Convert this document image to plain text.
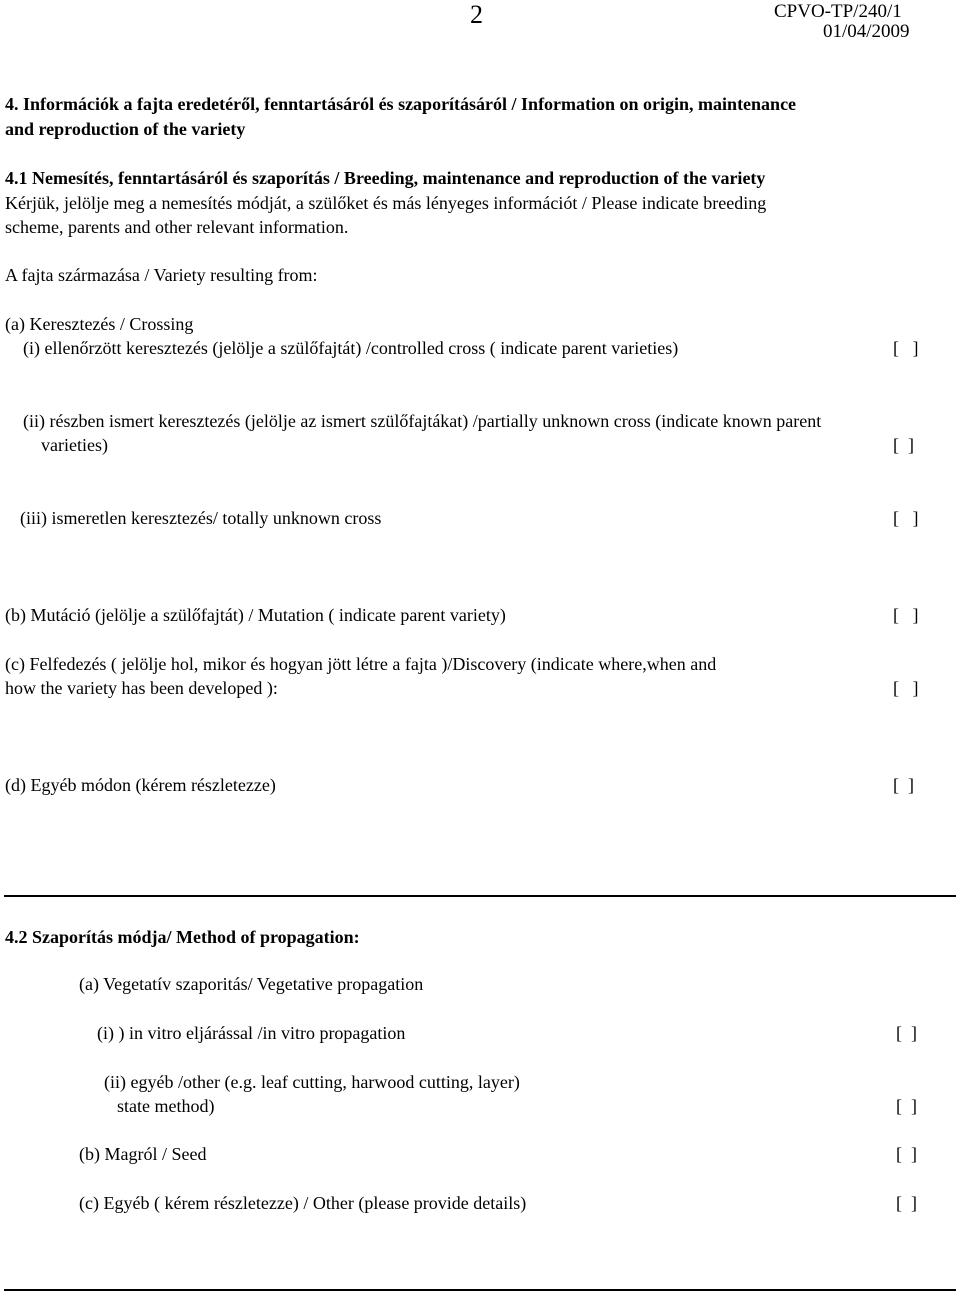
2	CPVO-TP/240/1
01/04/2009
4. Információk a fajta eredetéről, fenntartásáról és szaporításáról / Information on origin, maintenance
and reproduction of the variety
4.1 Nemesítés, fenntartásáról és szaporítás / Breeding, maintenance and reproduction of the variety
Kérjük, jelölje meg a nemesítés módját, a szülőket és más lényeges információt / Please indicate breeding
scheme, parents and other relevant information.
A fajta származása / Variety resulting from:
(a) Keresztezés / Crossing
(i) ellenőrzött keresztezés (jelölje a szülőfajtát) /controlled cross ( indicate parent varieties)	[   ]
(ii) részben ismert keresztezés (jelölje az ismert szülőfajtákat) /partially unknown cross (indicate known parent
varieties)	[  ]
(iii) ismeretlen keresztezés/ totally unknown cross	[   ]
(b) Mutáció (jelölje a szülőfajtát) / Mutation ( indicate parent variety)	[   ]
(c) Felfedezés ( jelölje hol, mikor és hogyan jött létre a fajta )/Discovery (indicate where,when and
how the variety has been developed ):	[   ]
(d) Egyéb módon (kérem részletezze)	[  ]
4.2 Szaporítás módja/ Method of propagation:
(a) Vegetatív szaporitás/ Vegetative propagation
(i) ) in vitro eljárással /in vitro propagation	[  ]
(ii) egyéb /other (e.g. leaf cutting, harwood cutting, layer)
state method)	[  ]
(b) Magról / Seed	[  ]
(c) Egyéb ( kérem részletezze) / Other (please provide details)	[  ]
